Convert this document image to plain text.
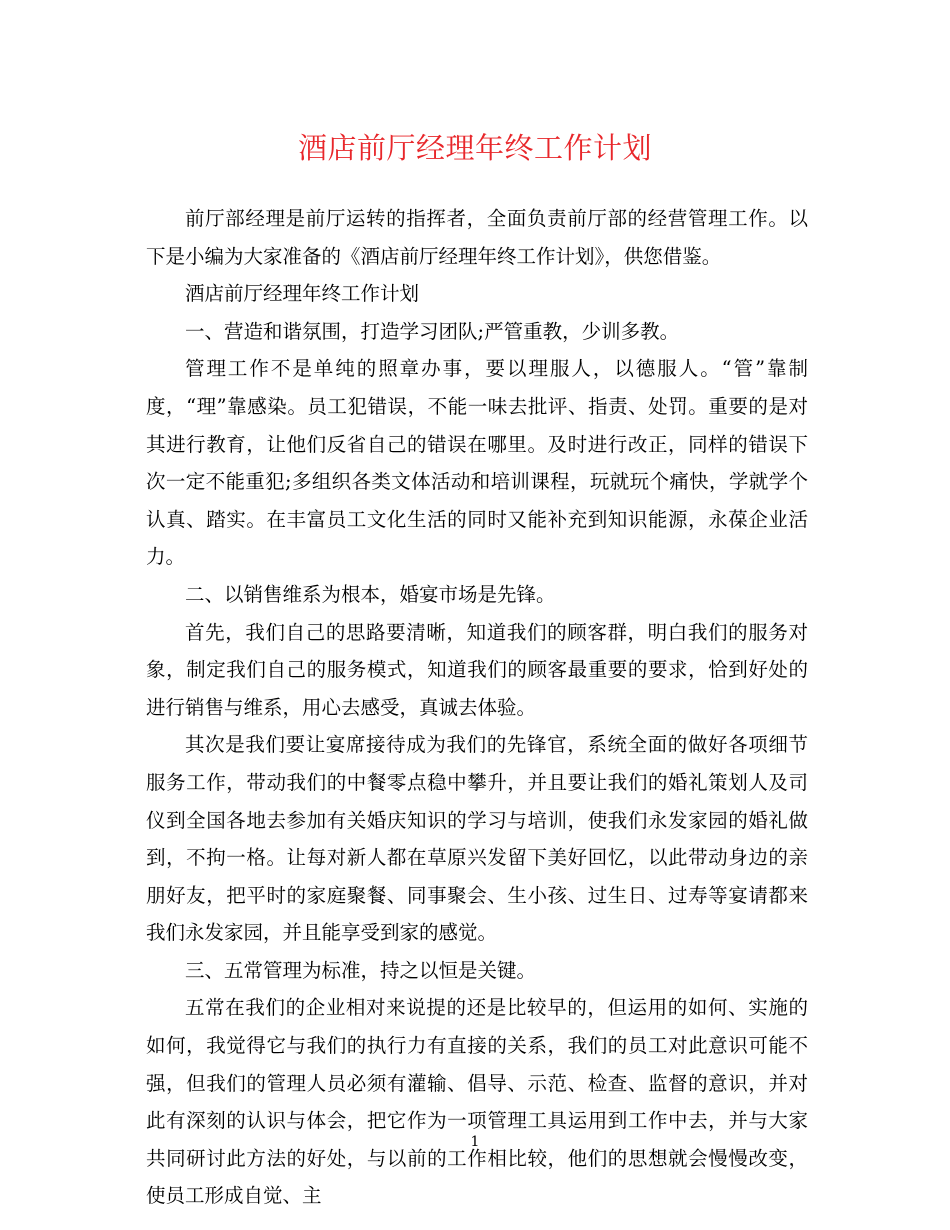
酒店前厅经理年终工作计划

前厅部经理是前厅运转的指挥者，全面负责前厅部的经营管理工作。以下是小编为大家准备的《酒店前厅经理年终工作计划》，供您借鉴。

酒店前厅经理年终工作计划

一、营造和谐氛围，打造学习团队;严管重教，少训多教。

管理工作不是单纯的照章办事，要以理服人，以德服人。“管”靠制度，“理”靠感染。员工犯错误，不能一味去批评、指责、处罚。重要的是对其进行教育，让他们反省自己的错误在哪里。及时进行改正，同样的错误下次一定不能重犯;多组织各类文体活动和培训课程，玩就玩个痛快，学就学个认真、踏实。在丰富员工文化生活的同时又能补充到知识能源，永葆企业活力。

二、以销售维系为根本，婚宴市场是先锋。

首先，我们自己的思路要清晰，知道我们的顾客群，明白我们的服务对象，制定我们自己的服务模式，知道我们的顾客最重要的要求，恰到好处的进行销售与维系，用心去感受，真诚去体验。

其次是我们要让宴席接待成为我们的先锋官，系统全面的做好各项细节服务工作，带动我们的中餐零点稳中攀升，并且要让我们的婚礼策划人及司仪到全国各地去参加有关婚庆知识的学习与培训，使我们永发家园的婚礼做到，不拘一格。让每对新人都在草原兴发留下美好回忆，以此带动身边的亲朋好友，把平时的家庭聚餐、同事聚会、生小孩、过生日、过寿等宴请都来我们永发家园，并且能享受到家的感觉。

三、五常管理为标准，持之以恒是关键。

五常在我们的企业相对来说提的还是比较早的，但运用的如何、实施的如何，我觉得它与我们的执行力有直接的关系，我们的员工对此意识可能不强，但我们的管理人员必须有灌输、倡导、示范、检查、监督的意识，并对此有深刻的认识与体会，把它作为一项管理工具运用到工作中去，并与大家共同研讨此方法的好处，与以前的工作相比较，他们的思想就会慢慢改变，使员工形成自觉、主

1
